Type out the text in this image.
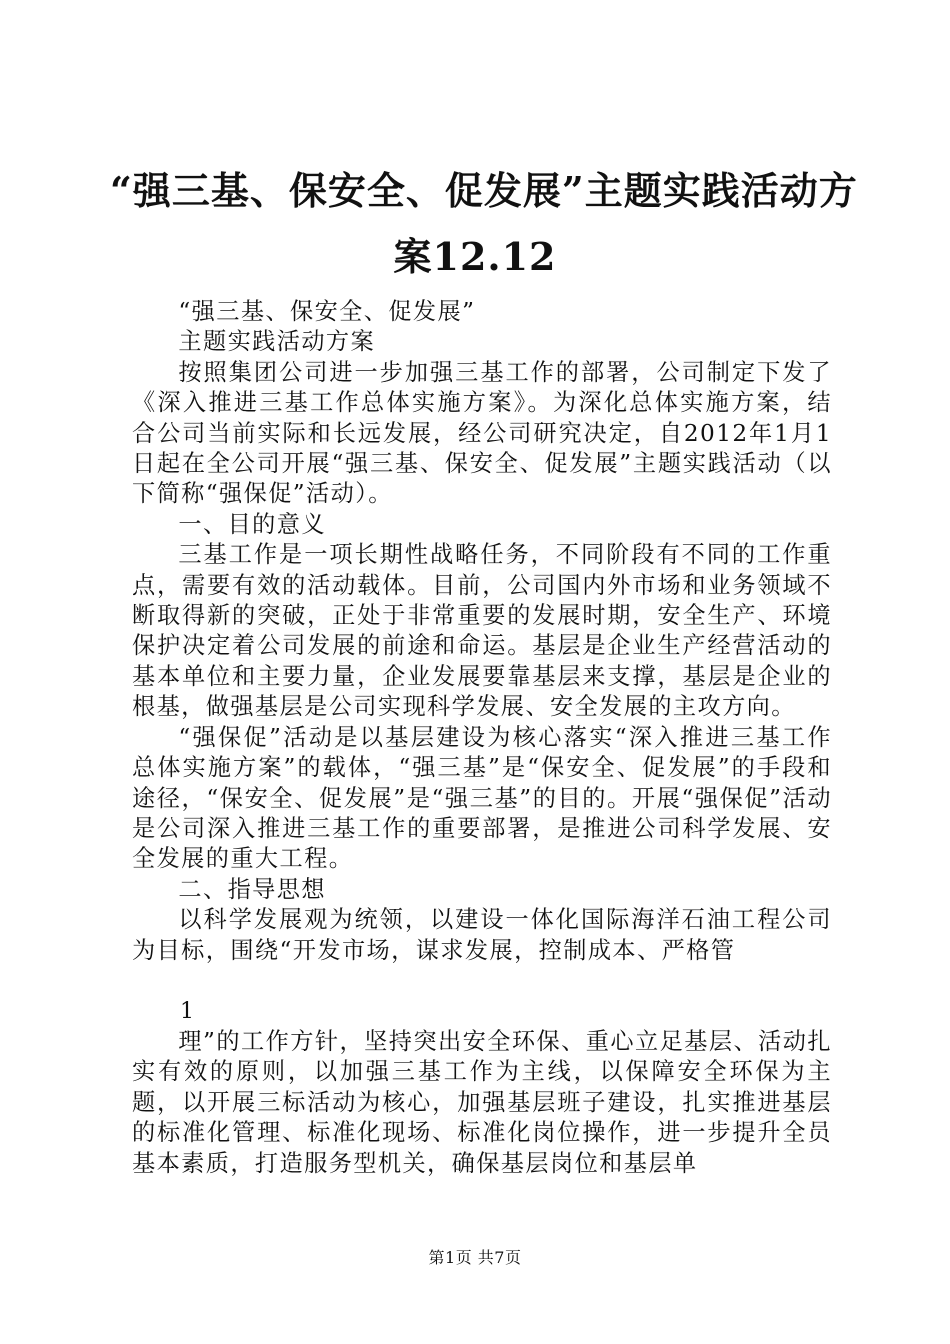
“强三基、保安全、促发展”主题实践活动方
案12.12

“强三基、保安全、促发展”

主题实践活动方案

按照集团公司进一步加强三基工作的部署，公司制定下发了《深入推进三基工作总体实施方案》。为深化总体实施方案，结合公司当前实际和长远发展，经公司研究决定，自2012年1月1日起在全公司开展“强三基、保安全、促发展”主题实践活动（以下简称“强保促”活动）。

一、目的意义

三基工作是一项长期性战略任务，不同阶段有不同的工作重点，需要有效的活动载体。目前，公司国内外市场和业务领域不断取得新的突破，正处于非常重要的发展时期，安全生产、环境保护决定着公司发展的前途和命运。基层是企业生产经营活动的基本单位和主要力量，企业发展要靠基层来支撑，基层是企业的根基，做强基层是公司实现科学发展、安全发展的主攻方向。

“强保促”活动是以基层建设为核心落实“深入推进三基工作总体实施方案”的载体，“强三基”是“保安全、促发展”的手段和途径，“保安全、促发展”是“强三基”的目的。开展“强保促”活动是公司深入推进三基工作的重要部署，是推进公司科学发展、安全发展的重大工程。

二、指导思想

以科学发展观为统领，以建设一体化国际海洋石油工程公司为目标，围绕“开发市场，谋求发展，控制成本、严格管

1

理”的工作方针，坚持突出安全环保、重心立足基层、活动扎实有效的原则，以加强三基工作为主线，以保障安全环保为主题，以开展三标活动为核心，加强基层班子建设，扎实推进基层的标准化管理、标准化现场、标准化岗位操作，进一步提升全员基本素质，打造服务型机关，确保基层岗位和基层单

第1页 共7页
